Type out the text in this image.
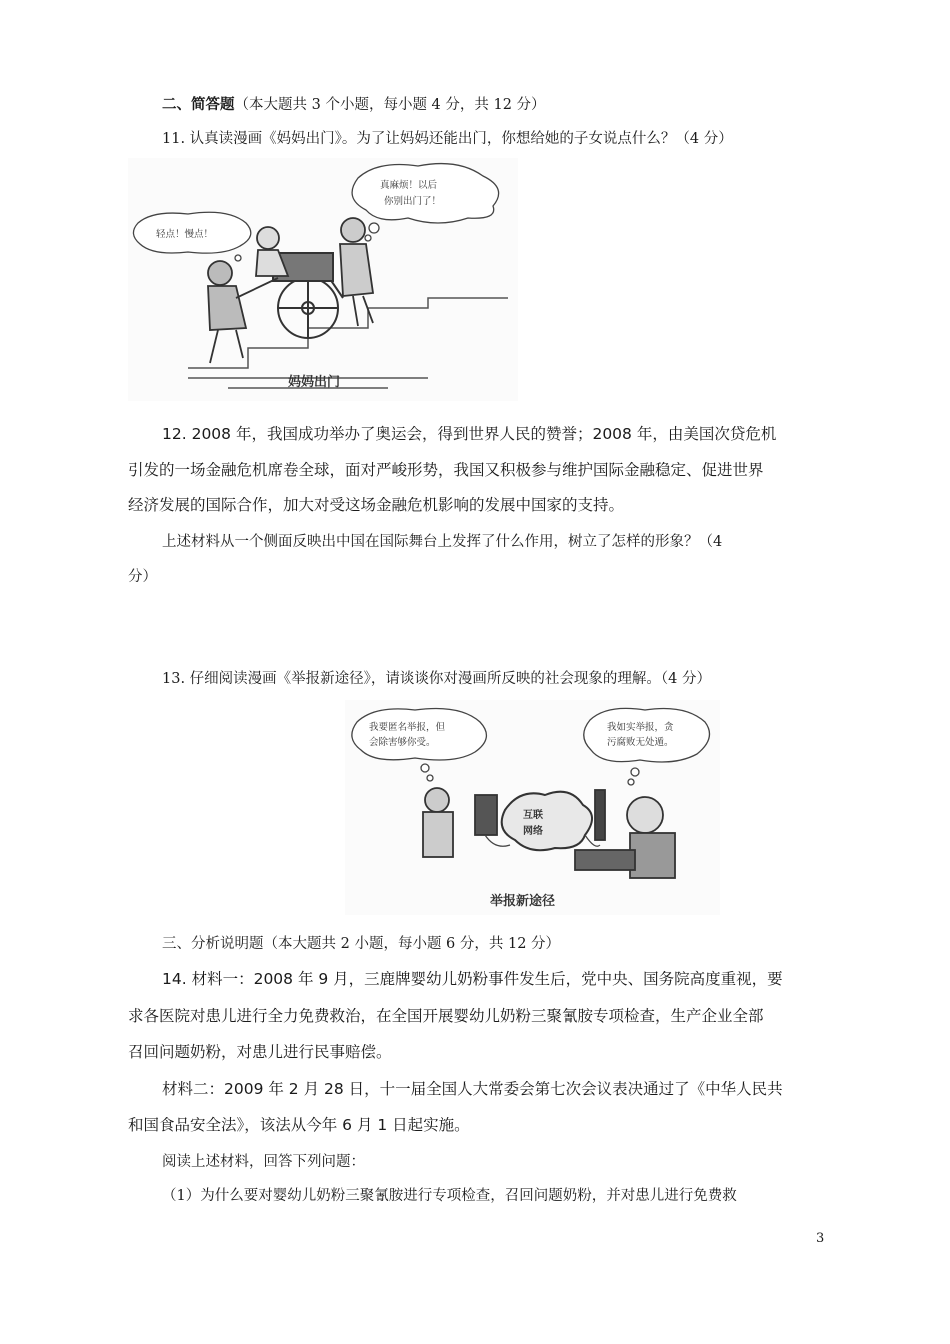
二、简答题（本大题共 3 个小题，每小题 4 分，共 12 分）
11. 认真读漫画《妈妈出门》。为了让妈妈还能出门，你想给她的子女说点什么？（4 分）
真麻烦！以后
你别出门了！
轻点！慢点！
妈妈出门
12. 2008 年，我国成功举办了奥运会，得到世界人民的赞誉；2008 年，由美国次贷危机
引发的一场金融危机席卷全球，面对严峻形势，我国又积极参与维护国际金融稳定、促进世界
经济发展的国际合作，加大对受这场金融危机影响的发展中国家的支持。
上述材料从一个侧面反映出中国在国际舞台上发挥了什么作用，树立了怎样的形象？（4
分）
13. 仔细阅读漫画《举报新途径》，请谈谈你对漫画所反映的社会现象的理解。（4 分）
我要匿名举报，但
会除害够你受。
我如实举报，贪
污腐败无处遁。
互联
网络
举报新途径
三、分析说明题（本大题共 2 小题，每小题 6 分，共 12 分）
14. 材料一：2008 年 9 月，三鹿牌婴幼儿奶粉事件发生后，党中央、国务院高度重视，要
求各医院对患儿进行全力免费救治，在全国开展婴幼儿奶粉三聚氰胺专项检查，生产企业全部
召回问题奶粉，对患儿进行民事赔偿。
材料二：2009 年 2 月 28 日，十一届全国人大常委会第七次会议表决通过了《中华人民共
和国食品安全法》，该法从今年 6 月 1 日起实施。
阅读上述材料，回答下列问题：
（1）为什么要对婴幼儿奶粉三聚氰胺进行专项检查，召回问题奶粉，并对患儿进行免费救
3
